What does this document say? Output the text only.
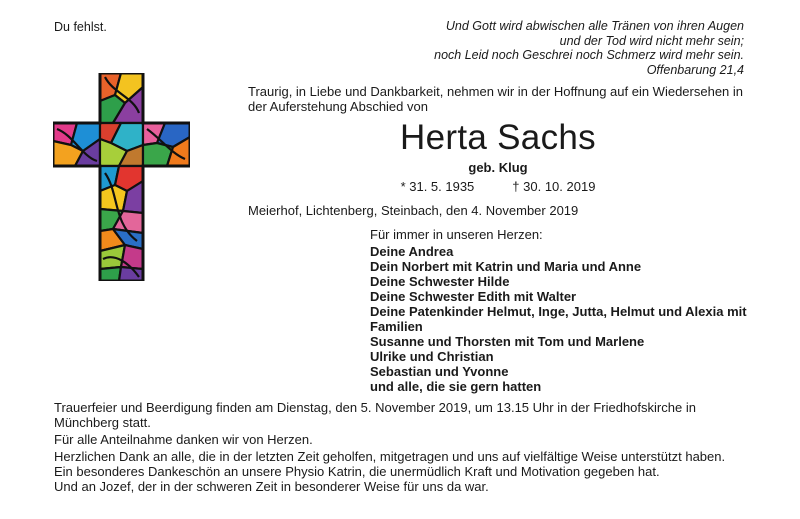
Du fehlst.	Und Gott wird abwischen alle Tränen von ihren Augen
und der Tod wird nicht mehr sein;
noch Leid noch Geschrei noch Schmerz wird mehr sein.
Offenbarung 21,4
Traurig, in Liebe und Dankbarkeit, nehmen wir in der Hoffnung auf ein Wiedersehen in der Auferstehung Abschied von
Herta Sachs
geb. Klug
* 31. 5. 1935	† 30. 10. 2019
Meierhof, Lichtenberg, Steinbach, den 4. November 2019
Für immer in unseren Herzen:
Deine Andrea
Dein Norbert mit Katrin und Maria und Anne
Deine Schwester Hilde
Deine Schwester Edith mit Walter
Deine Patenkinder Helmut, Inge, Jutta, Helmut und Alexia mit Familien
Susanne und Thorsten mit Tom und Marlene
Ulrike und Christian
Sebastian und Yvonne
und alle, die sie gern hatten

Trauerfeier und Beerdigung finden am Dienstag, den 5. November 2019, um 13.15 Uhr in der Friedhofskirche in Münchberg statt.

Für alle Anteilnahme danken wir von Herzen.

Herzlichen Dank an alle, die in der letzten Zeit geholfen, mitgetragen und uns auf vielfältige Weise unterstützt haben.
Ein besonderes Dankeschön an unsere Physio Katrin, die unermüdlich Kraft und Motivation gegeben hat.
Und an Jozef, der in der schweren Zeit in besonderer Weise für uns da war.
